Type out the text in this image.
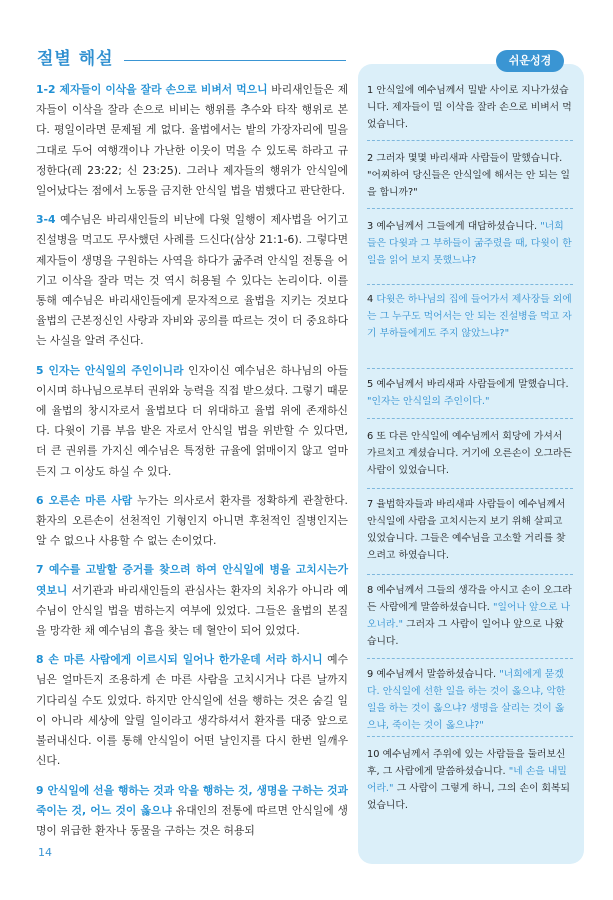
절별 해설

1-2 제자들이 이삭을 잘라 손으로 비벼서 먹으니 바리새인들은 제자들이 이삭을 잘라 손으로 비비는 행위를 추수와 타작 행위로 본다. 평일이라면 문제될 게 없다. 율법에서는 밭의 가장자리에 밀을 그대로 두어 여행객이나 가난한 이웃이 먹을 수 있도록 하라고 규정한다(레 23:22; 신 23:25). 그러나 제자들의 행위가 안식일에 일어났다는 점에서 노동을 금지한 안식일 법을 범했다고 판단한다.

3-4 예수님은 바리새인들의 비난에 다윗 일행이 제사법을 어기고 진설병을 먹고도 무사했던 사례를 드신다(삼상 21:1-6). 그렇다면 제자들이 생명을 구원하는 사역을 하다가 굶주려 안식일 전통을 어기고 이삭을 잘라 먹는 것 역시 허용될 수 있다는 논리이다. 이를 통해 예수님은 바리새인들에게 문자적으로 율법을 지키는 것보다 율법의 근본정신인 사랑과 자비와 공의를 따르는 것이 더 중요하다는 사실을 알려 주신다.

5 인자는 안식일의 주인이니라 인자이신 예수님은 하나님의 아들이시며 하나님으로부터 권위와 능력을 직접 받으셨다. 그렇기 때문에 율법의 창시자로서 율법보다 더 위대하고 율법 위에 존재하신다. 다윗이 기름 부음 받은 자로서 안식일 법을 위반할 수 있다면, 더 큰 권위를 가지신 예수님은 특정한 규율에 얽매이지 않고 얼마든지 그 이상도 하실 수 있다.

6 오른손 마른 사람 누가는 의사로서 환자를 정확하게 관찰한다. 환자의 오른손이 선천적인 기형인지 아니면 후천적인 질병인지는 알 수 없으나 사용할 수 없는 손이었다.

7 예수를 고발할 증거를 찾으려 하여 안식일에 병을 고치시는가 엿보니 서기관과 바리새인들의 관심사는 환자의 치유가 아니라 예수님이 안식일 법을 범하는지 여부에 있었다. 그들은 율법의 본질을 망각한 채 예수님의 흠을 찾는 데 혈안이 되어 있었다.

8 손 마른 사람에게 이르시되 일어나 한가운데 서라 하시니 예수님은 얼마든지 조용하게 손 마른 사람을 고치시거나 다른 날까지 기다리실 수도 있었다. 하지만 안식일에 선을 행하는 것은 숨길 일이 아니라 세상에 알릴 일이라고 생각하셔서 환자를 대중 앞으로 불러내신다. 이를 통해 안식일이 어떤 날인지를 다시 한번 일깨우신다.

9 안식일에 선을 행하는 것과 악을 행하는 것, 생명을 구하는 것과 죽이는 것, 어느 것이 옳으냐 유대인의 전통에 따르면 안식일에 생명이 위급한 환자나 동물을 구하는 것은 허용되

14
쉬운성경
1 안식일에 예수님께서 밀밭 사이로 지나가셨습니다. 제자들이 밀 이삭을 잘라 손으로 비벼서 먹었습니다.
2 그러자 몇몇 바리새파 사람들이 말했습니다. "어찌하여 당신들은 안식일에 해서는 안 되는 일을 합니까?"
3 예수님께서 그들에게 대답하셨습니다. "너희들은 다윗과 그 부하들이 굶주렸을 때, 다윗이 한 일을 읽어 보지 못했느냐?
4 다윗은 하나님의 집에 들어가서 제사장들 외에는 그 누구도 먹어서는 안 되는 진설병을 먹고 자기 부하들에게도 주지 않았느냐?"
5 예수님께서 바리새파 사람들에게 말했습니다. "인자는 안식일의 주인이다."
6 또 다른 안식일에 예수님께서 회당에 가셔서 가르치고 계셨습니다. 거기에 오른손이 오그라든 사람이 있었습니다.
7 율법학자들과 바리새파 사람들이 예수님께서 안식일에 사람을 고치시는지 보기 위해 살피고 있었습니다. 그들은 예수님을 고소할 거리를 찾으려고 하였습니다.
8 예수님께서 그들의 생각을 아시고 손이 오그라든 사람에게 말씀하셨습니다. "일어나 앞으로 나오너라." 그러자 그 사람이 일어나 앞으로 나왔습니다.
9 예수님께서 말씀하셨습니다. "너희에게 묻겠다. 안식일에 선한 일을 하는 것이 옳으냐, 악한 일을 하는 것이 옳으냐? 생명을 살리는 것이 옳으냐, 죽이는 것이 옳으냐?"
10 예수님께서 주위에 있는 사람들을 둘러보신 후, 그 사람에게 말씀하셨습니다. "네 손을 내밀어라." 그 사람이 그렇게 하니, 그의 손이 회복되었습니다.
